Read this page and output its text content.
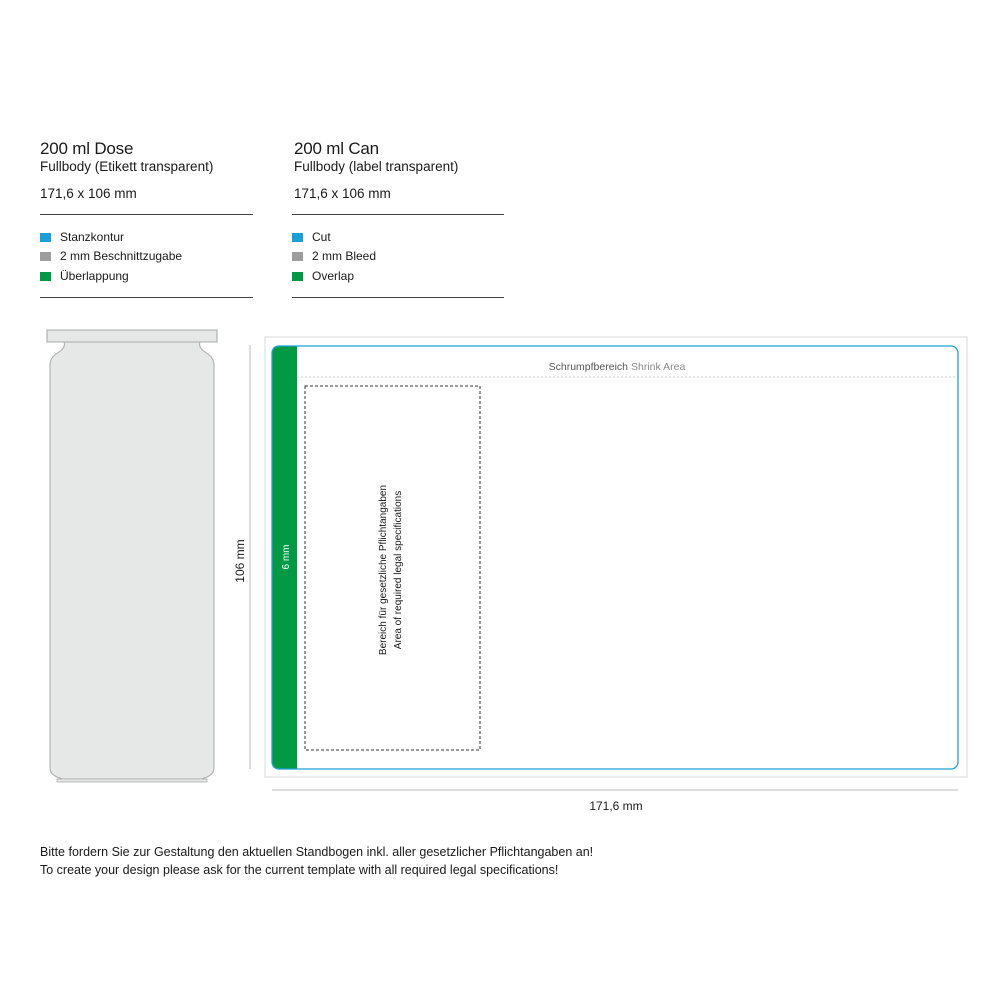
200 ml Dose
Fullbody (Etikett transparent)
171,6 x 106 mm
Stanzkontur
2 mm Beschnittzugabe
Überlappung
200 ml Can
Fullbody (label transparent)
171,6 x 106 mm
Cut
2 mm Bleed
Overlap
106 mm	6 mm
Schrumpfbereich Shrink Area
Bereich für gesetzliche Pflichtangaben Area of required legal specifications
171,6 mm
Bitte fordern Sie zur Gestaltung den aktuellen Standbogen inkl. aller gesetzlicher Pflichtangaben an!
To create your design please ask for the current template with all required legal specifications!
